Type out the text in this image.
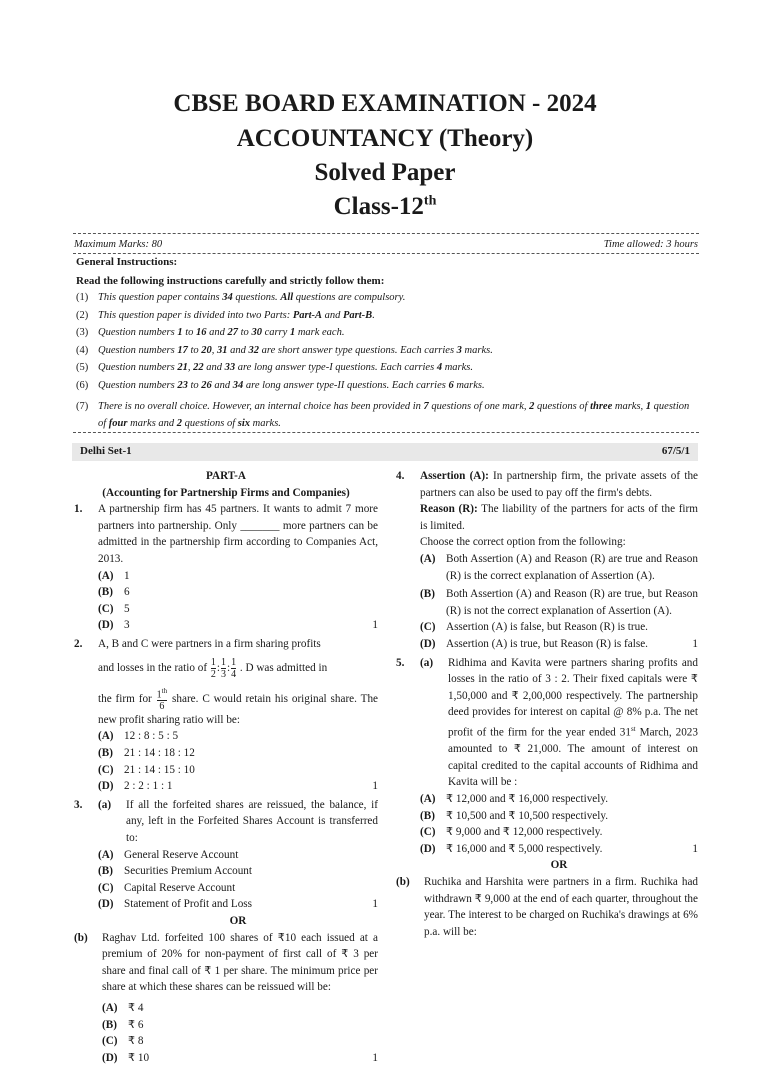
CBSE BOARD EXAMINATION - 2024
ACCOUNTANCY (Theory)
Solved Paper
Class-12th
Maximum Marks: 80	Time allowed: 3 hours
General Instructions:
Read the following instructions carefully and strictly follow them:
(1) This question paper contains 34 questions. All questions are compulsory.
(2) This question paper is divided into two Parts: Part-A and Part-B.
(3) Question numbers 1 to 16 and 27 to 30 carry 1 mark each.
(4) Question numbers 17 to 20, 31 and 32 are short answer type questions. Each carries 3 marks.
(5) Question numbers 21, 22 and 33 are long answer type-I questions. Each carries 4 marks.
(6) Question numbers 23 to 26 and 34 are long answer type-II questions. Each carries 6 marks.
(7) There is no overall choice. However, an internal choice has been provided in 7 questions of one mark, 2 questions of three marks, 1 question of four marks and 2 questions of six marks.
Delhi Set-1	67/5/1
PART-A
(Accounting for Partnership Firms and Companies)
1. A partnership firm has 45 partners. It wants to admit 7 more partners into partnership. Only _______ more partners can be admitted in the partnership firm according to Companies Act, 2013.
(A) 1
(B) 6
(C) 5
(D) 3	1
2. A, B and C were partners in a firm sharing profits
and losses in the ratio of $\frac{1}{2}$ : $\frac{1}{3}$ : $\frac{1}{4}$ . D was admitted in
the firm for $\frac{1^{th}}{6}$ share. C would retain his original share. The new profit sharing ratio will be:
(A) 12 : 8 : 5 : 5
(B) 21 : 14 : 18 : 12
(C) 21 : 14 : 15 : 10
(D) 2 : 2 : 1 : 1	1
3. (a) If all the forfeited shares are reissued, the balance, if any, left in the Forfeited Shares Account is transferred to:
(A) General Reserve Account
(B) Securities Premium Account
(C) Capital Reserve Account
(D) Statement of Profit and Loss	1
OR
(b) Raghav Ltd. forfeited 100 shares of ₹10 each issued at a premium of 20% for non-payment of first call of ₹ 3 per share and final call of ₹ 1 per share. The minimum price per share at which these shares can be reissued will be:
(A) ₹ 4
(B) ₹ 6
(C) ₹ 8
(D) ₹ 10	1
4. Assertion (A): In partnership firm, the private assets of the partners can also be used to pay off the firm's debts.
Reason (R): The liability of the partners for acts of the firm is limited.
Choose the correct option from the following:
(A) Both Assertion (A) and Reason (R) are true and Reason (R) is the correct explanation of Assertion (A).
(B) Both Assertion (A) and Reason (R) are true, but Reason (R) is not the correct explanation of Assertion (A).
(C) Assertion (A) is false, but Reason (R) is true.
(D) Assertion (A) is true, but Reason (R) is false.	1
5. (a) Ridhima and Kavita were partners sharing profits and losses in the ratio of 3 : 2. Their fixed capitals were ₹ 1,50,000 and ₹ 2,00,000 respectively. The partnership deed provides for interest on capital @ 8% p.a. The net profit of the firm for the year ended 31st March, 2023 amounted to ₹ 21,000. The amount of interest on capital credited to the capital accounts of Ridhima and Kavita will be :
(A) ₹ 12,000 and ₹ 16,000 respectively.
(B) ₹ 10,500 and ₹ 10,500 respectively.
(C) ₹ 9,000 and ₹ 12,000 respectively.
(D) ₹ 16,000 and ₹ 5,000 respectively.	1
OR
(b) Ruchika and Harshita were partners in a firm. Ruchika had withdrawn ₹ 9,000 at the end of each quarter, throughout the year. The interest to be charged on Ruchika's drawings at 6% p.a. will be:
